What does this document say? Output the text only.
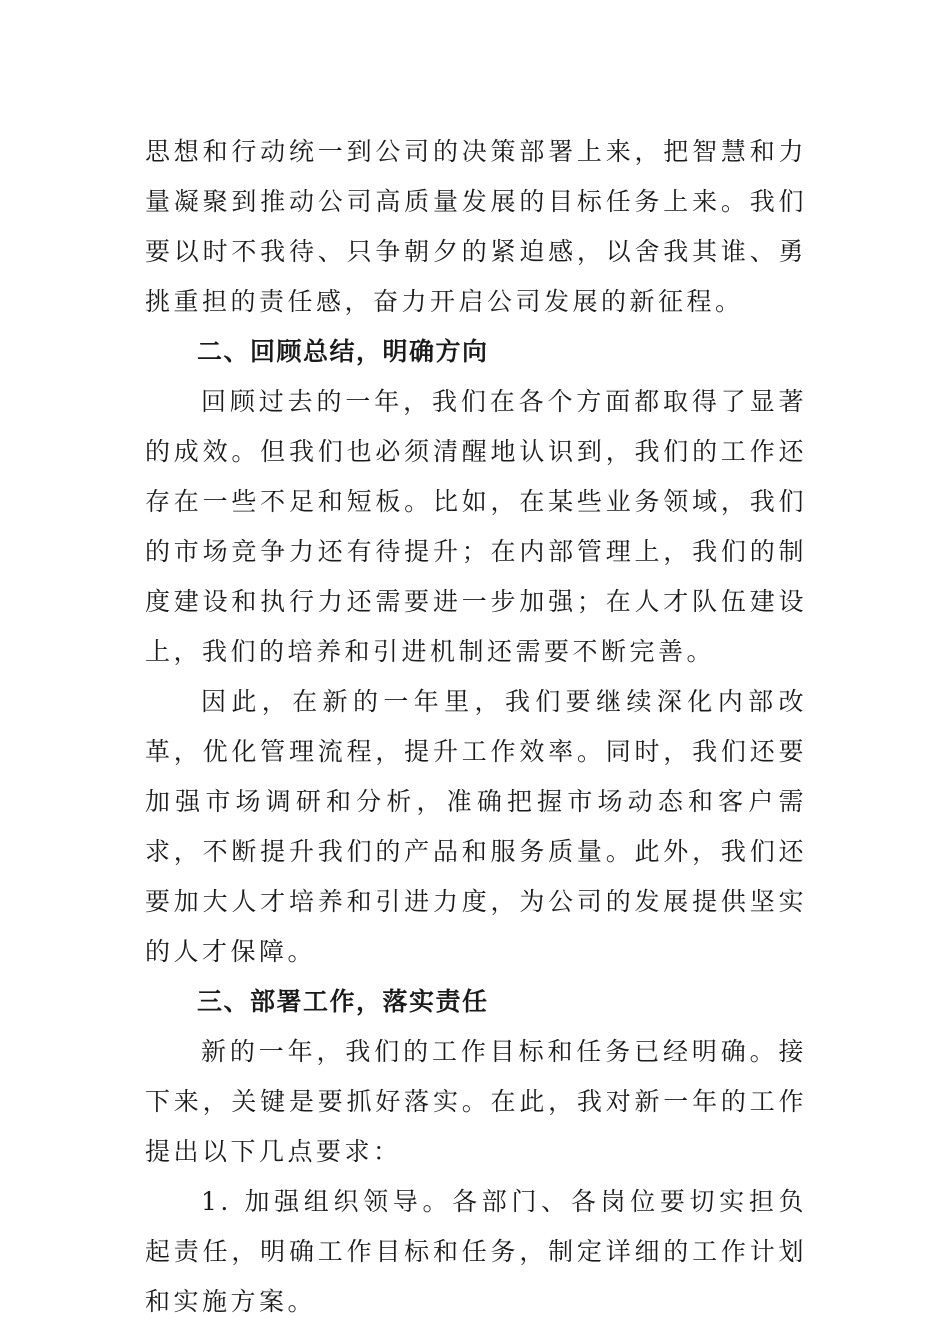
思想和行动统一到公司的决策部署上来，把智慧和力量凝聚到推动公司高质量发展的目标任务上来。我们要以时不我待、只争朝夕的紧迫感，以舍我其谁、勇挑重担的责任感，奋力开启公司发展的新征程。

二、回顾总结，明确方向

回顾过去的一年，我们在各个方面都取得了显著的成效。但我们也必须清醒地认识到，我们的工作还存在一些不足和短板。比如，在某些业务领域，我们的市场竞争力还有待提升；在内部管理上，我们的制度建设和执行力还需要进一步加强；在人才队伍建设上，我们的培养和引进机制还需要不断完善。

因此，在新的一年里，我们要继续深化内部改革，优化管理流程，提升工作效率。同时，我们还要加强市场调研和分析，准确把握市场动态和客户需求，不断提升我们的产品和服务质量。此外，我们还要加大人才培养和引进力度，为公司的发展提供坚实的人才保障。

三、部署工作，落实责任

新的一年，我们的工作目标和任务已经明确。接下来，关键是要抓好落实。在此，我对新一年的工作提出以下几点要求：

1. 加强组织领导。各部门、各岗位要切实担负起责任，明确工作目标和任务，制定详细的工作计划和实施方案。
